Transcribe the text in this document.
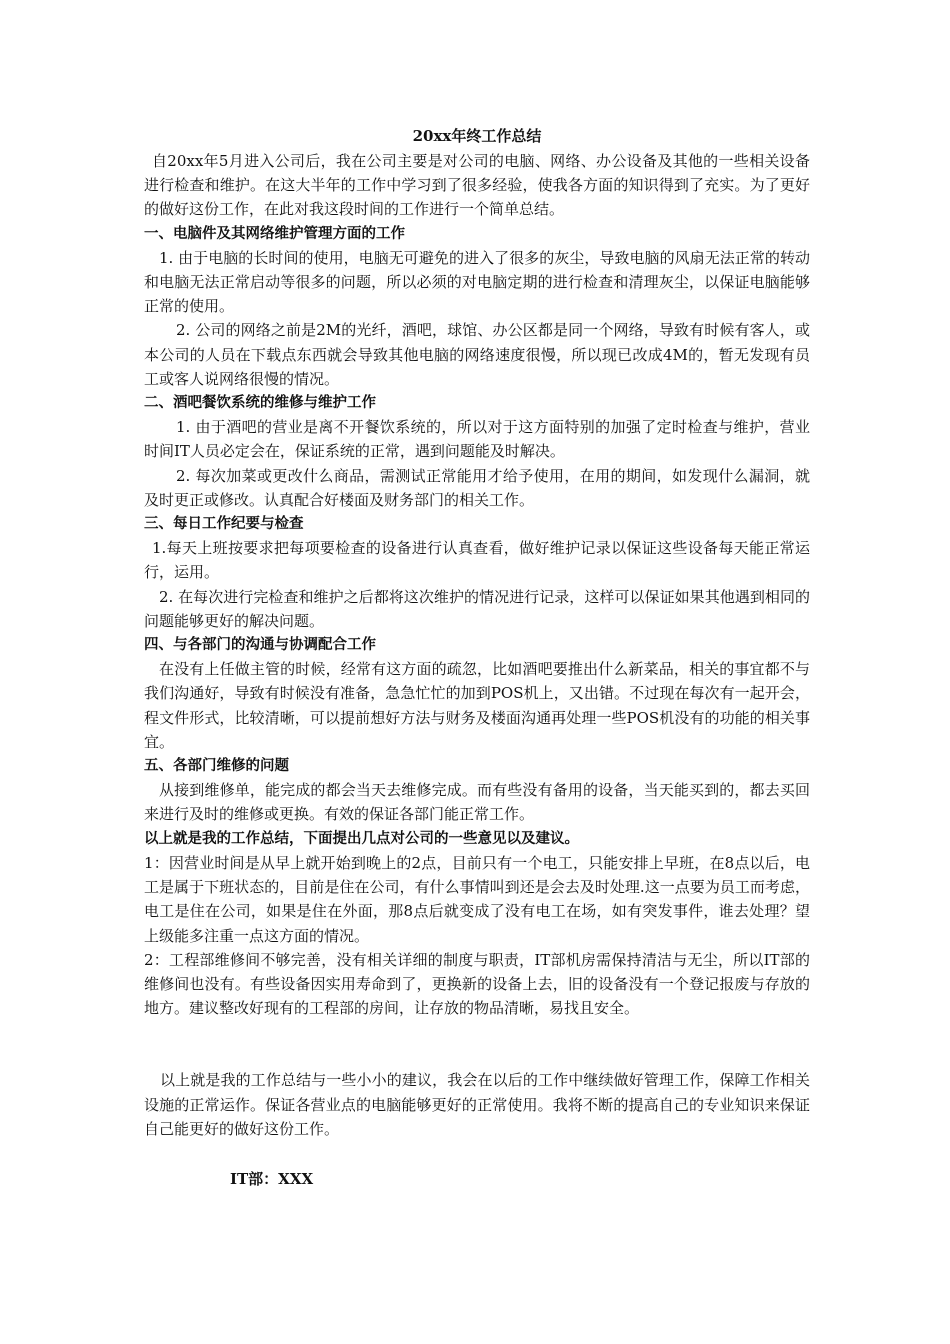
20xx年终工作总结

自20xx年5月进入公司后，我在公司主要是对公司的电脑、网络、办公设备及其他的一些相关设备进行检查和维护。在这大半年的工作中学习到了很多经验，使我各方面的知识得到了充实。为了更好的做好这份工作，在此对我这段时间的工作进行一个简单总结。

一、电脑件及其网络维护管理方面的工作

1. 由于电脑的长时间的使用，电脑无可避免的进入了很多的灰尘，导致电脑的风扇无法正常的转动和电脑无法正常启动等很多的问题，所以必须的对电脑定期的进行检查和清理灰尘，以保证电脑能够正常的使用。

2. 公司的网络之前是2M的光纤，酒吧，球馆、办公区都是同一个网络，导致有时候有客人，或本公司的人员在下载点东西就会导致其他电脑的网络速度很慢，所以现已改成4M的，暂无发现有员工或客人说网络很慢的情况。

二、酒吧餐饮系统的维修与维护工作

1. 由于酒吧的营业是离不开餐饮系统的，所以对于这方面特别的加强了定时检查与维护，营业时间IT人员必定会在，保证系统的正常，遇到问题能及时解决。

2. 每次加菜或更改什么商品，需测试正常能用才给予使用，在用的期间，如发现什么漏洞，就及时更正或修改。认真配合好楼面及财务部门的相关工作。

三、每日工作纪要与检查

1.每天上班按要求把每项要检查的设备进行认真查看，做好维护记录以保证这些设备每天能正常运行，运用。

2. 在每次进行完检查和维护之后都将这次维护的情况进行记录，这样可以保证如果其他遇到相同的问题能够更好的解决问题。

四、与各部门的沟通与协调配合工作

在没有上任做主管的时候，经常有这方面的疏忽，比如酒吧要推出什么新菜品，相关的事宜都不与我们沟通好，导致有时候没有准备，急急忙忙的加到POS机上，又出错。不过现在每次有一起开会，程文件形式，比较清晰，可以提前想好方法与财务及楼面沟通再处理一些POS机没有的功能的相关事宜。

五、各部门维修的问题

从接到维修单，能完成的都会当天去维修完成。而有些没有备用的设备，当天能买到的，都去买回来进行及时的维修或更换。有效的保证各部门能正常工作。

以上就是我的工作总结，下面提出几点对公司的一些意见以及建议。

1：因营业时间是从早上就开始到晚上的2点，目前只有一个电工，只能安排上早班，在8点以后，电工是属于下班状态的，目前是住在公司，有什么事情叫到还是会去及时处理.这一点要为员工而考虑，电工是住在公司，如果是住在外面，那8点后就变成了没有电工在场，如有突发事件，谁去处理？望上级能多注重一点这方面的情况。

2：工程部维修间不够完善，没有相关详细的制度与职责，IT部机房需保持清洁与无尘，所以IT部的维修间也没有。有些设备因实用寿命到了，更换新的设备上去，旧的设备没有一个登记报废与存放的地方。建议整改好现有的工程部的房间，让存放的物品清晰，易找且安全。

以上就是我的工作总结与一些小小的建议，我会在以后的工作中继续做好管理工作，保障工作相关设施的正常运作。保证各营业点的电脑能够更好的正常使用。我将不断的提高自己的专业知识来保证自己能更好的做好这份工作。

IT部：XXX
